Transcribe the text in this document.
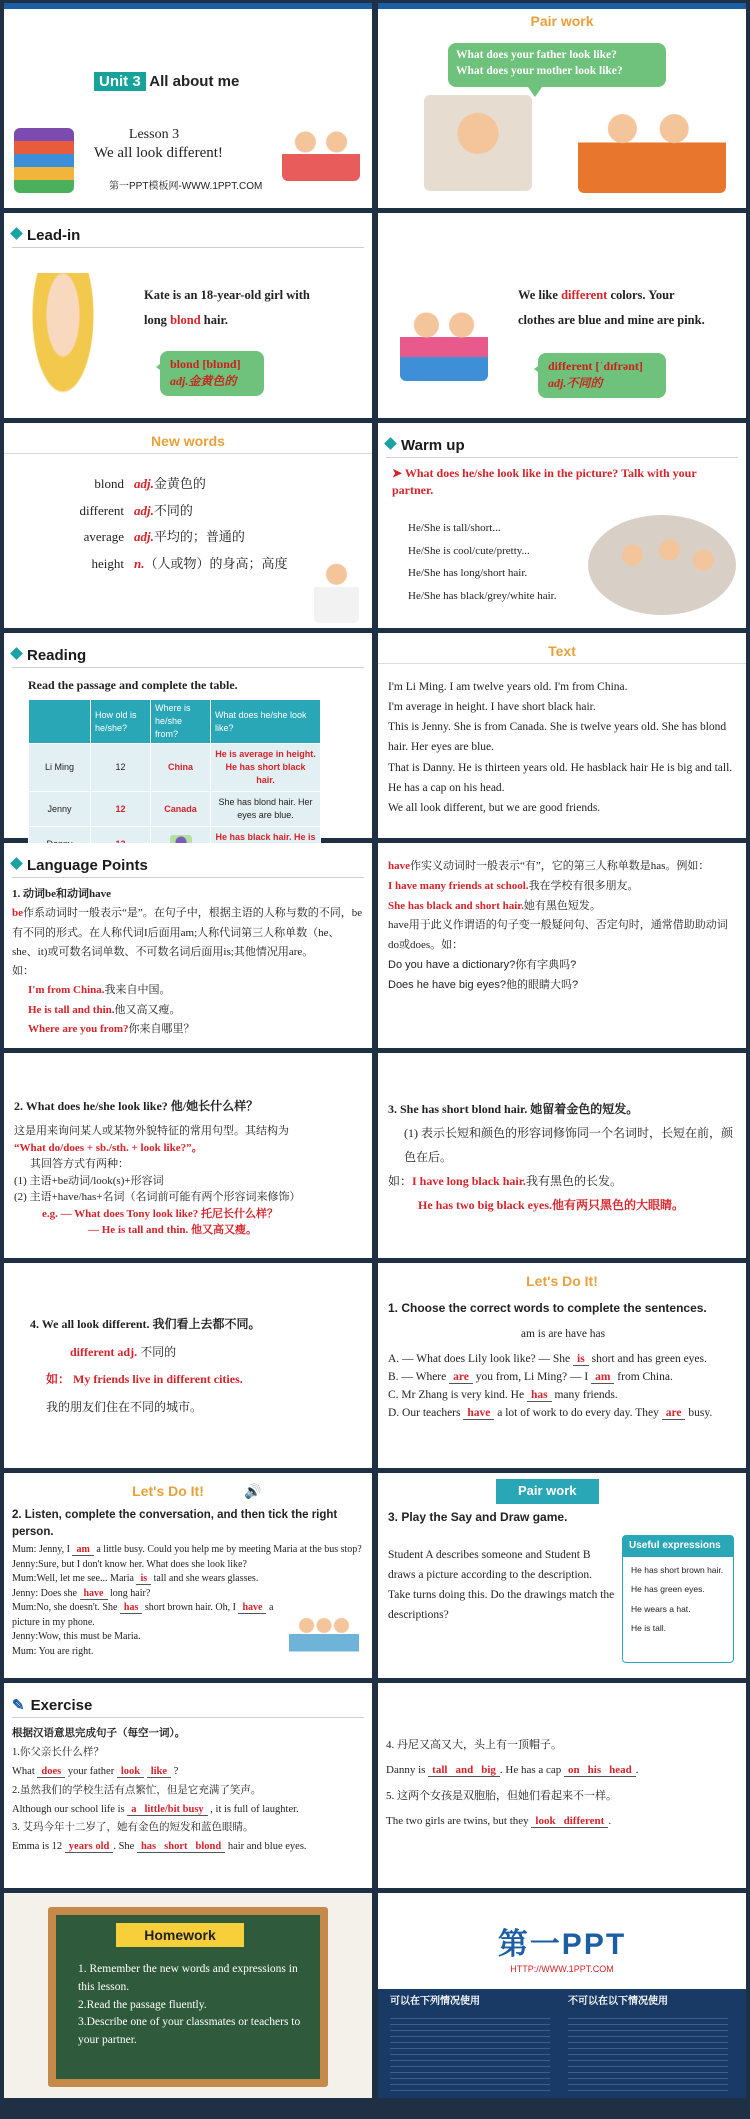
Unit 3 All about me
Lesson 3
We all look different!
第一PPT模板网-WWW.1PPT.COM
Pair work
What does your father look like?
What does your mother look like?
Lead-in
Kate is an 18-year-old girl with
long blond hair.
blond [blɒnd]
adj.金黄色的
We like different colors. Your
clothes are blue and mine are pink.
different [ˈdɪfrənt]
adj.不同的
New words
blond adj.金黄色的
different adj.不同的
average adj.平均的；普通的
height n.（人或物）的身高；高度
Warm up
➤ What does he/she look like in the picture? Talk with your partner.
He/She is tall/short...
He/She is cool/cute/pretty...
He/She has long/short hair.
He/She has black/grey/white hair.
Reading
Read the passage and complete the table.
	How old is he/she?	Where is he/she from?	What does he/she look like?
Li Ming	12	China	He is average in height. He has short black hair.
Jenny	12	Canada	She has blond hair. Her eyes are blue.
			He has black hair. He is
Text
I'm Li Ming. I am twelve years old. I'm from China.
I'm average in height. I have short black hair.
This is Jenny. She is from Canada. She is twelve years old. She has blond hair. Her eyes are blue.
That is Danny. He is thirteen years old. He hasblack hair He is big and tall. He has a cap on his head.
We all look different, but we are good friends.
Language Points
1. 动词be和动词have
be作系动词时一般表示“是”。在句子中，根据主语的人称与数的不同，be有不同的形式。在人称代词I后面用am;人称代词第三人称单数（he、she、it)或可数名词单数、不可数名词后面用is;其他情况用are。
如：
I'm from China.我来自中国。
He is tall and thin.他又高又瘦。
Where are you from?你来自哪里？
have作实义动词时一般表示“有”，它的第三人称单数是has。例如：
I have many friends at school.我在学校有很多朋友。
She has black and short hair.她有黑色短发。
have用于此义作谓语的句子变一般疑问句、否定句时，通常借助助动词do或does。如：
Do you have a dictionary?你有字典吗?
Does he have big eyes?他的眼睛大吗?
2. What does he/she look like? 他/她长什么样？
这是用来询问某人或某物外貌特征的常用句型。其结构为
“What do/does + sb./sth. + look like?”。
其回答方式有两种：
(1) 主语+be动词/look(s)+形容词
(2) 主语+have/has+名词（名词前可能有两个形容词来修饰）
e.g. — What does Tony look like? 托尼长什么样？
— He is tall and thin. 他又高又瘦。
3. She has short blond hair. 她留着金色的短发。
(1) 表示长短和颜色的形容词修饰同一个名词时，长短在前，颜色在后。
如：I have long black hair.我有黑色的长发。
He has two big black eyes.他有两只黑色的大眼睛。
4. We all look different. 我们看上去都不同。
different adj. 不同的
如： My friends live in different cities.
我的朋友们住在不同的城市。
Let's Do It!
1. Choose the correct words to complete the sentences.
am is are have has
A. — What does Lily look like? — She is short and has green eyes.
B. — Where are you from, Li Ming? — I am from China.
C. Mr Zhang is very kind. He has many friends.
D. Our teachers have a lot of work to do every day. They are busy.
Let's Do It!	🔊
2. Listen, complete the conversation, and then tick the right person.
Mum: Jenny, I am a little busy. Could you help me by meeting Maria at the bus stop?
Jenny:Sure, but I don't know her. What does she look like?
Mum:Well, let me see... Maria is tall and she wears glasses.
Jenny: Does she have long hair?
Mum:No, she doesn't. She has short brown hair. Oh, I have a picture in my phone.
Jenny:Wow, this must be Maria.
Mum: You are right.
Pair work
3. Play the Say and Draw game.
Student A describes someone and Student B draws a picture according to the description. Take turns doing this. Do the drawings match the descriptions?
Useful expressions
He has short brown hair.
He has green eyes.
He wears a hat.
He is tall.
✎ Exercise
根据汉语意思完成句子（每空一词）。
1.你父亲长什么样？
What does your father look like ?
2.虽然我们的学校生活有点繁忙，但是它充满了笑声。
Although our school life is a little/bit busy , it is full of laughter.
3. 艾玛今年十二岁了，她有金色的短发和蓝色眼睛。
Emma is 12 years old . She has short blond hair and blue eyes.
4. 丹尼又高又大，头上有一顶帽子。
Danny is tall and big . He has a cap on his head .
5. 这两个女孩是双胞胎，但她们看起来不一样。
The two girls are twins, but they look different .
Homework
1. Remember the new words and expressions in this lesson.
2.Read the passage fluently.
3.Describe one of your classmates or teachers to your partner.
第一PPT
HTTP://WWW.1PPT.COM
可以在下列情况使用	不可以在以下情况使用
